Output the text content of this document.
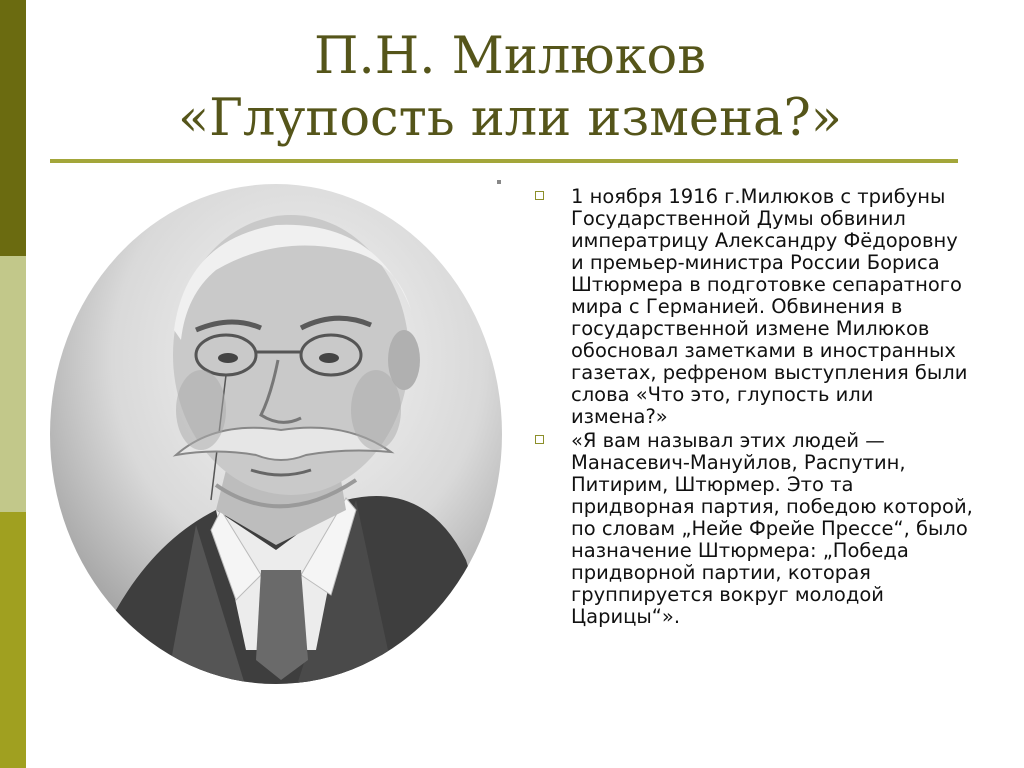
П.Н. Милюков
«Глупость или измена?»
1 ноября 1916 г.Милюков с трибуны Государственной Думы обвинил императрицу Александру Фёдоровну и премьер-министра России Бориса Штюрмера в подготовке сепаратного мира с Германией. Обвинения в государственной измене Милюков обосновал заметками в иностранных газетах, рефреном выступления были слова «Что это, глупость или измена?»
«Я вам называл этих людей — Манасевич-Мануйлов, Распутин, Питирим, Штюрмер. Это та придворная партия, победою которой, по словам „Нейе Фрейе Прессе“, было назначение Штюрмера: „Победа придворной партии, которая группируется вокруг молодой Царицы“».
